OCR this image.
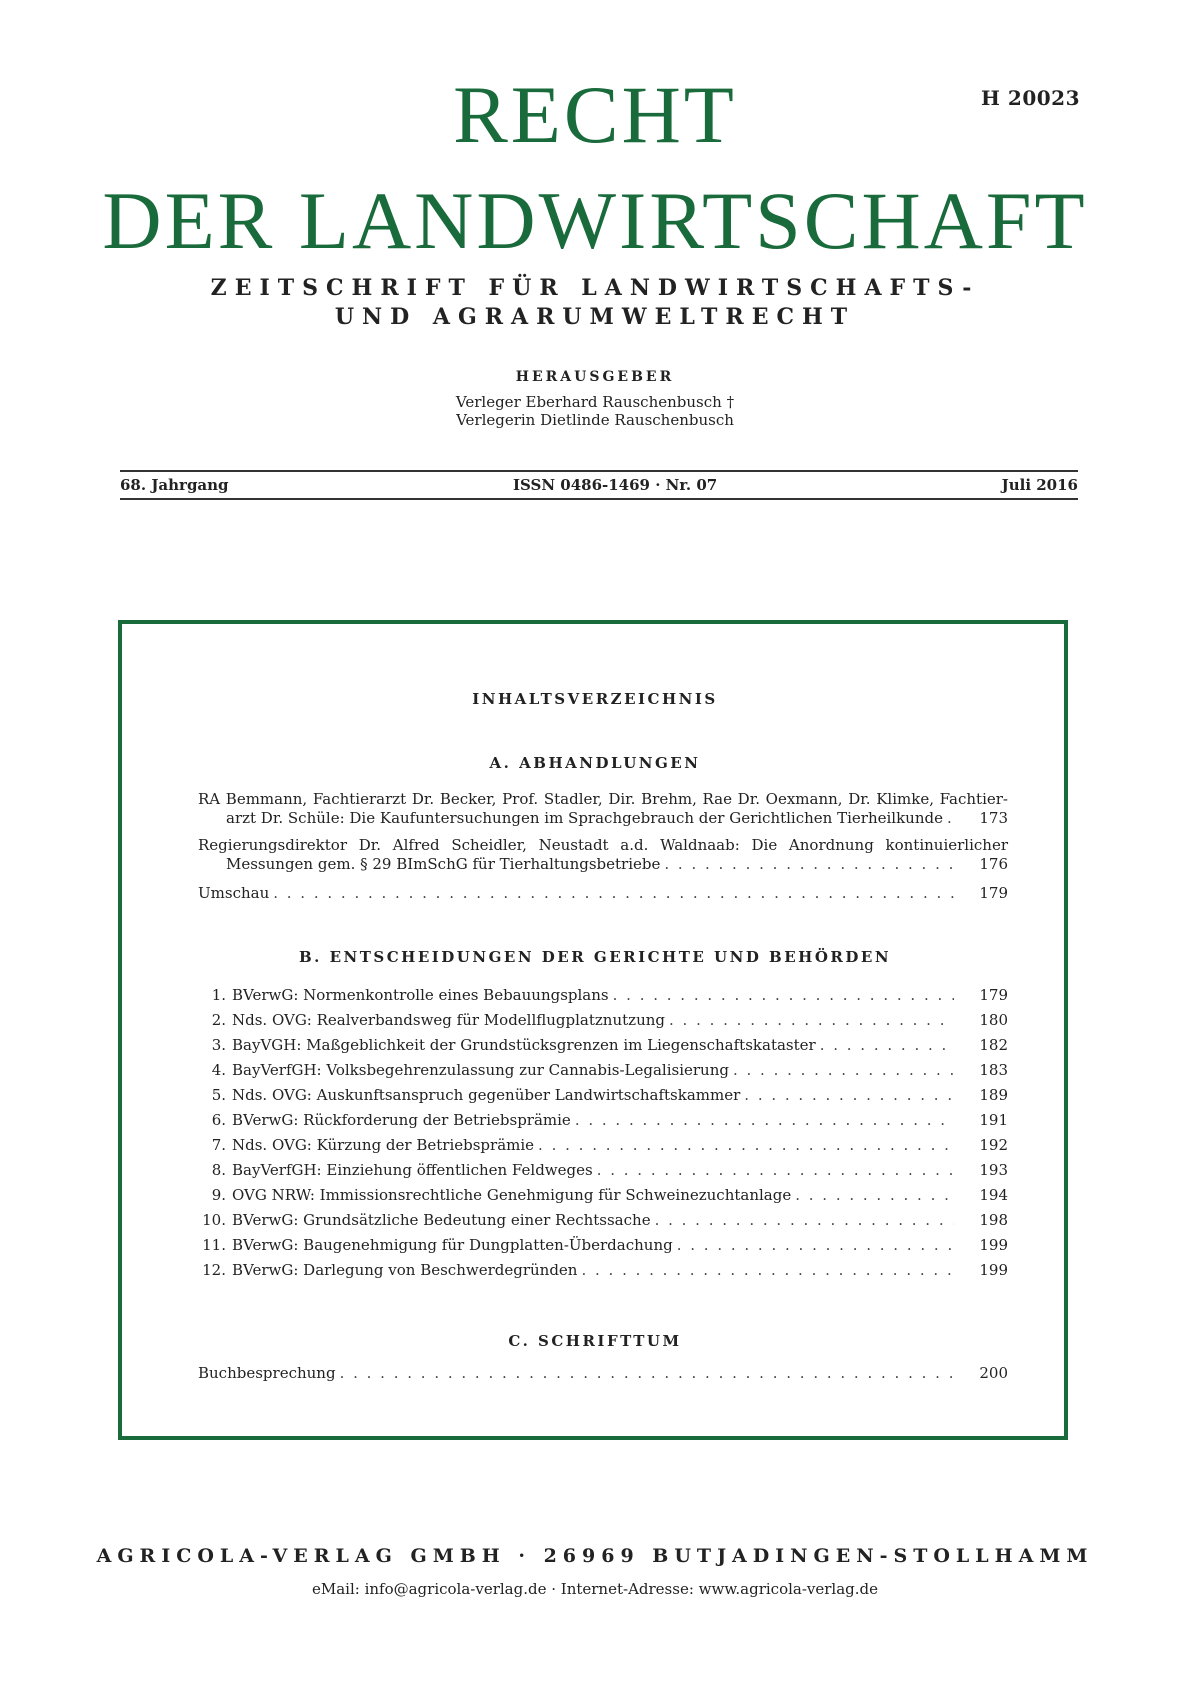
H 20023
RECHT
DER LANDWIRTSCHAFT
ZEITSCHRIFT FÜR LANDWIRTSCHAFTS-
UND AGRARUMWELTRECHT
HERAUSGEBER
Verleger Eberhard Rauschenbusch †
Verlegerin Dietlinde Rauschenbusch
68. Jahrgang	ISSN 0486-1469 · Nr. 07	Juli 2016
INHALTSVERZEICHNIS
A. ABHANDLUNGEN
RA Bemmann, Fachtierarzt Dr. Becker, Prof. Stadler, Dir. Brehm, Rae Dr. Oexmann, Dr. Klimke, Fachtier-
arzt Dr. Schüle: Die Kaufuntersuchungen im Sprachgebrauch der Gerichtlichen Tierheilkunde . . .	173
Regierungsdirektor Dr. Alfred Scheidler, Neustadt a.d. Waldnaab: Die Anordnung kontinuierlicher
Messungen gem. § 29 BImSchG für Tierhaltungsbetriebe . . .	176
Umschau . . .	179
B. ENTSCHEIDUNGEN DER GERICHTE UND BEHÖRDEN
1. BVerwG: Normenkontrolle eines Bebauungsplans . . .	179
2. Nds. OVG: Realverbandsweg für Modellflugplatznutzung . . .	180
3. BayVGH: Maßgeblichkeit der Grundstücksgrenzen im Liegenschaftskataster . . .	182
4. BayVerfGH: Volksbegehrenzulassung zur Cannabis-Legalisierung . . .	183
5. Nds. OVG: Auskunftsanspruch gegenüber Landwirtschaftskammer . . .	189
6. BVerwG: Rückforderung der Betriebsprämie . . .	191
7. Nds. OVG: Kürzung der Betriebsprämie . . .	192
8. BayVerfGH: Einziehung öffentlichen Feldweges . . .	193
9. OVG NRW: Immissionsrechtliche Genehmigung für Schweinezuchtanlage . . .	194
10. BVerwG: Grundsätzliche Bedeutung einer Rechtssache . . .	198
11. BVerwG: Baugenehmigung für Dungplatten-Überdachung . . .	199
12. BVerwG: Darlegung von Beschwerdegründen . . .	199
C. SCHRIFTTUM
Buchbesprechung . . .	200
AGRICOLA-VERLAG GMBH · 26969 BUTJADINGEN-STOLLHAMM
eMail: info@agricola-verlag.de · Internet-Adresse: www.agricola-verlag.de
